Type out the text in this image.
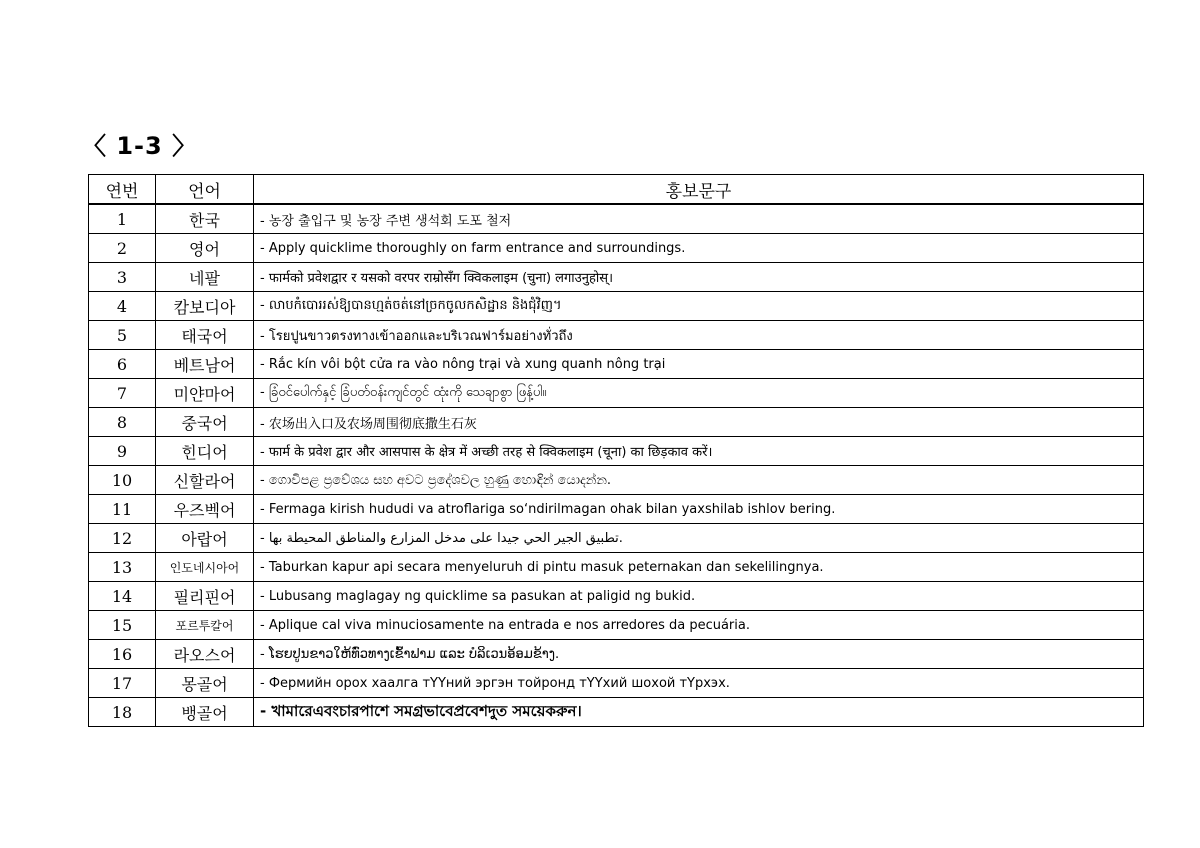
〈 1-3 〉
연번	언어	홍보문구
1	한국	- 농장 출입구 및 농장 주변 생석회 도포 철저
2	영어	- Apply quicklime thoroughly on farm entrance and surroundings.
3	네팔	- फार्मको प्रवेशद्वार र यसको वरपर राम्रोसँग क्विकलाइम (चुना) लगाउनुहोस्।
4	캄보디아	- លាបកំបោររស់ឱ្យបានហ្មត់ចត់នៅច្រកចូលកសិដ្ឋាន និងជុំវិញ។
5	태국어	- โรยปูนขาวตรงทางเข้าออกและบริเวณฟาร์มอย่างทั่วถึง
6	베트남어	- Rắc kín vôi bột cửa ra vào nông trại và xung quanh nông trại
7	미얀마어	- ခြံဝင်ပေါက်နှင့် ခြံပတ်ဝန်းကျင်တွင် ထုံးကို သေချာစွာ ဖြန့်ပါ။
8	중국어	- 农场出入口及农场周围彻底撒生石灰
9	힌디어	- फार्म के प्रवेश द्वार और आसपास के क्षेत्र में अच्छी तरह से क्विकलाइम (चूना) का छिड़काव करें।
10	신할라어	- ගොවිපළ ප්‍රවේශය සහ අවට ප්‍රදේශවල හුණු හොඳින් යොදන්න.
11	우즈벡어	- Fermaga kirish hududi va atroflariga so‘ndirilmagan ohak bilan yaxshilab ishlov bering.
12	아랍어	- تطبيق الجير الحي جيدا على مدخل المزارع والمناطق المحيطة بها.
13	인도네시아어	- Taburkan kapur api secara menyeluruh di pintu masuk peternakan dan sekelilingnya.
14	필리핀어	- Lubusang maglagay ng quicklime sa pasukan at paligid ng bukid.
15	포르투칼어	- Aplique cal viva minuciosamente na entrada e nos arredores da pecuária.
16	라오스어	- ໂຮຍປູນຂາວໃຫ້ທົ່ວທາງເຂົ້າຟາມ ແລະ ບໍລິເວນອ້ອມຂ້າງ.
17	몽골어	- Фермийн орох хаалга тYYний эргэн тойронд тYYхий шохой тYрхэх.
18	뱅골어	- খামারেএবংচারপাশে সমগ্রভাবেপ্রবেশদুত সময়েকরুন।
